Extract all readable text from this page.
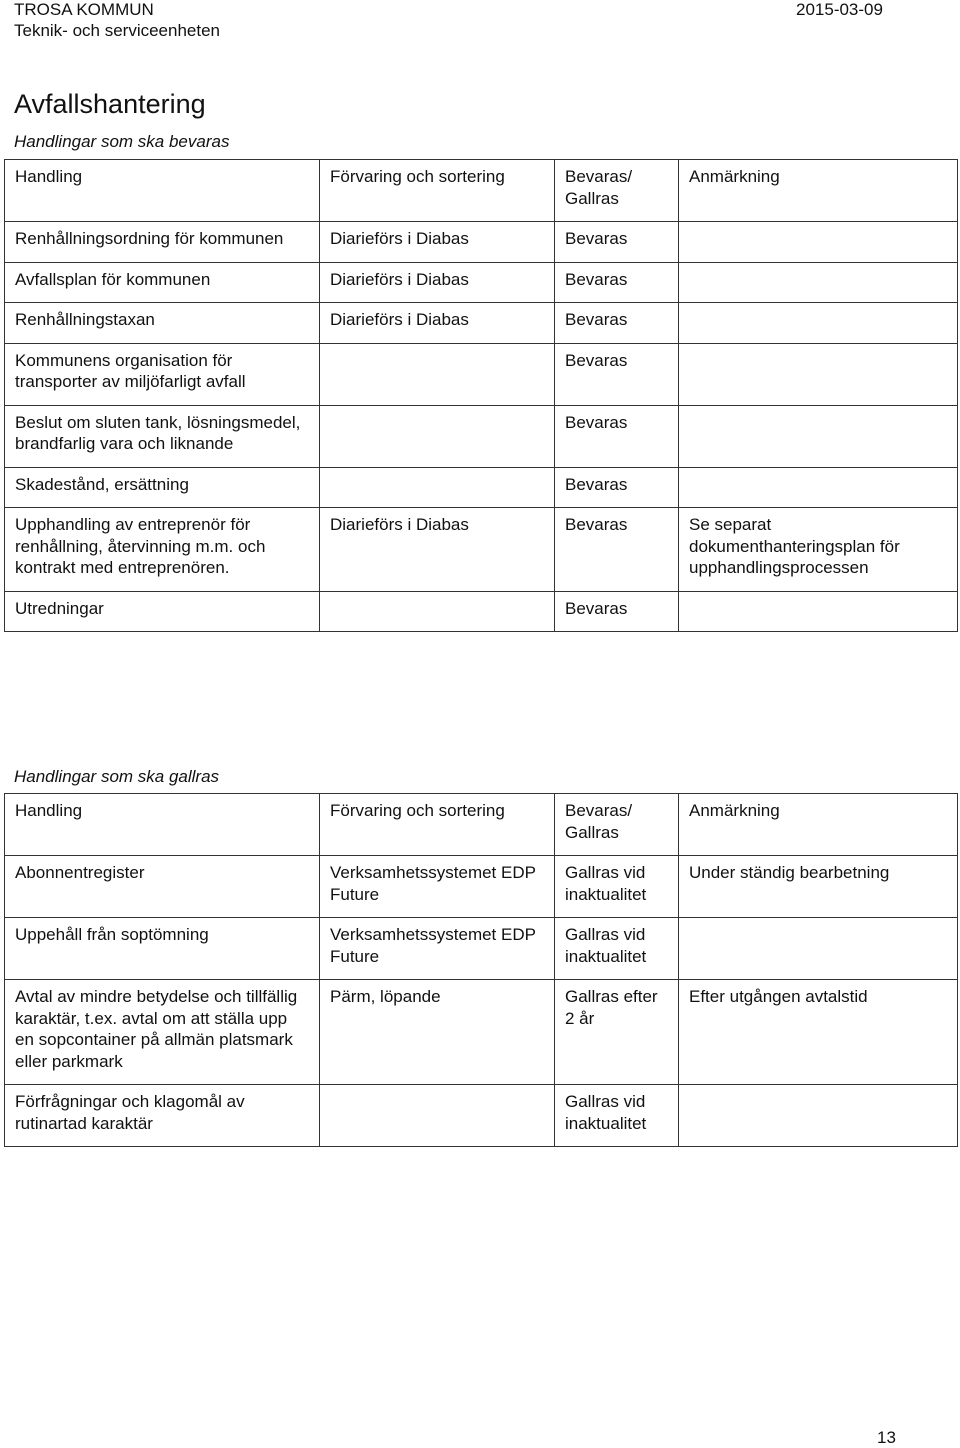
TROSA KOMMUN
Teknik- och serviceenheten
2015-03-09
Avfallshantering
Handlingar som ska bevaras
Handling	Förvaring och sortering	Bevaras/ Gallras	Anmärkning
Renhållningsordning för kommunen	Diarieförs i Diabas	Bevaras	
Avfallsplan för kommunen	Diarieförs i Diabas	Bevaras	
Renhållningstaxan	Diarieförs i Diabas	Bevaras	
Kommunens organisation för transporter av miljöfarligt avfall		Bevaras	
Beslut om sluten tank, lösningsmedel, brandfarlig vara och liknande		Bevaras	
Skadestånd, ersättning		Bevaras	
Upphandling av entreprenör för renhållning, återvinning m.m. och kontrakt med entreprenören.	Diarieförs i Diabas	Bevaras	Se separat dokumenthanteringsplan för upphandlingsprocessen
Utredningar		Bevaras	
Handlingar som ska gallras
Handling	Förvaring och sortering	Bevaras/ Gallras	Anmärkning
Abonnentregister	Verksamhetssystemet EDP Future	Gallras vid inaktualitet	Under ständig bearbetning
Uppehåll från soptömning	Verksamhetssystemet EDP Future	Gallras vid inaktualitet	
Avtal av mindre betydelse och tillfällig karaktär, t.ex. avtal om att ställa upp en sopcontainer på allmän platsmark eller parkmark	Pärm, löpande	Gallras efter 2 år	Efter utgången avtalstid
Förfrågningar och klagomål av rutinartad karaktär		Gallras vid inaktualitet	
13
